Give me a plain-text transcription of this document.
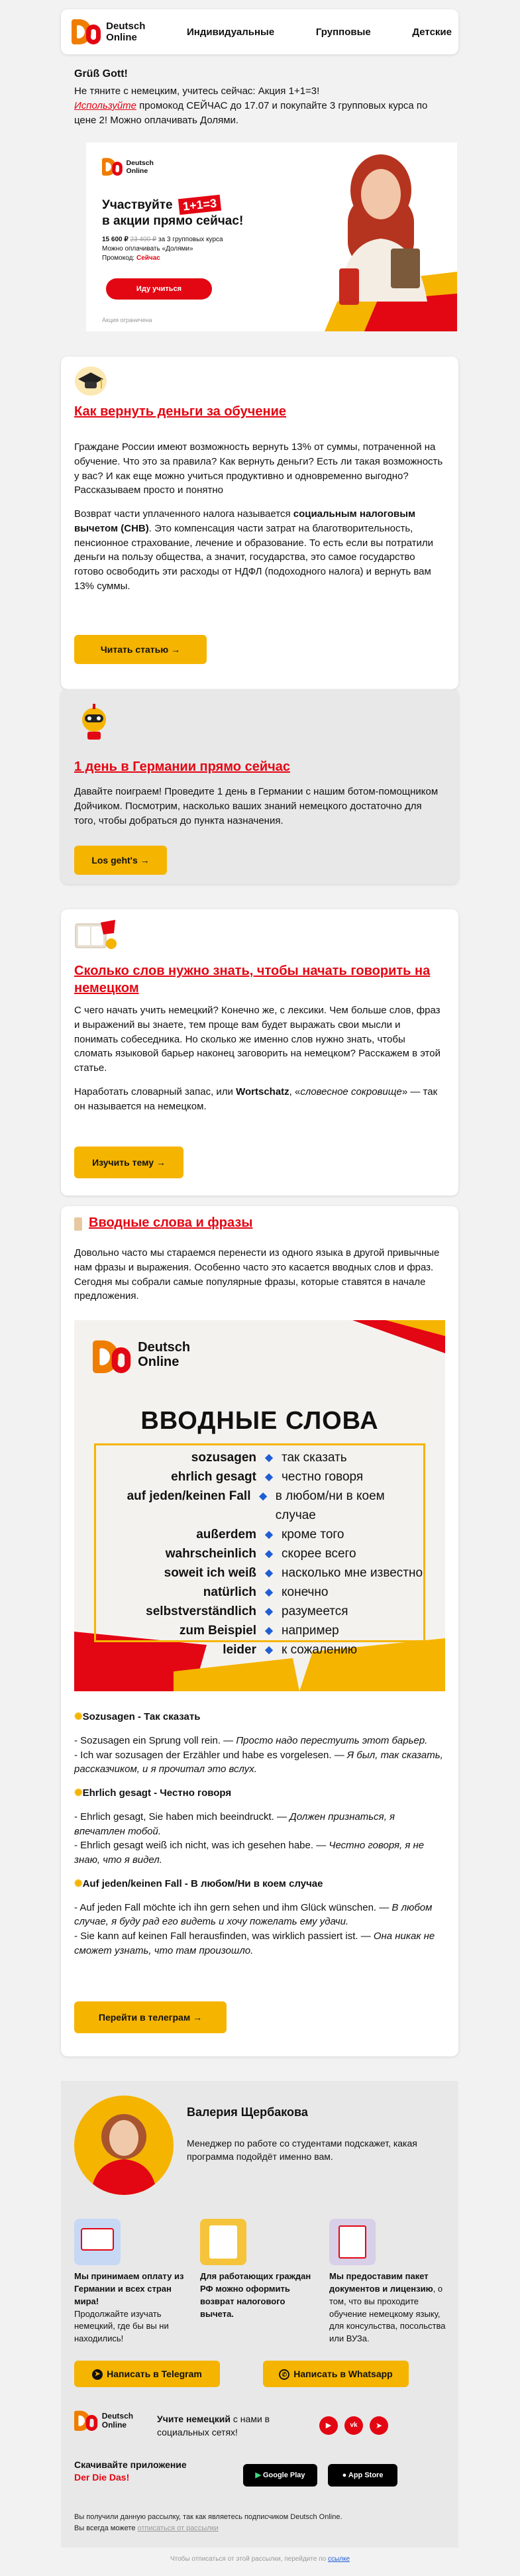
Deutsch
Online	Индивидуальные	Групповые	Детские
Grüß Gott!
Не тяните с немецким, учитесь сейчас: Акция 1+1=3!
Используйте промокод СЕЙЧАС до 17.07 и покупайте 3 групповых курса по цене 2! Можно оплачивать Долями.
Deutsch
Online
Участвуйте 1+1=3
в акции прямо сейчас!
15 600 ₽ 23 400 ₽ за 3 групповых курса
Можно оплачивать «Долями»
Промокод: Сейчас
Иду учиться
Акция ограничена
Как вернуть деньги за обучение

Граждане России имеют возможность вернуть 13% от суммы, потраченной на обучение. Что это за правила? Как вернуть деньги? Есть ли такая возможность у вас? И как еще можно учиться продуктивно и одновременно выгодно? Рассказываем просто и понятно

Возврат части уплаченного налога называется социальным налоговым вычетом (СНВ). Это компенсация части затрат на благотворительность, пенсионное страхование, лечение и образование. То есть если вы потратили деньги на пользу общества, а значит, государства, это самое государство готово освободить эти расходы от НДФЛ (подоходного налога) и вернуть вам 13% суммы.

Читать статью →
1 день в Германии прямо сейчас

Давайте поиграем! Проведите 1 день в Германии с нашим ботом-помощником Дойчиком. Посмотрим, насколько ваших знаний немецкого достаточно для того, чтобы добраться до пункта назначения.

Los geht's →
Сколько слов нужно знать, чтобы начать говорить на немецком

С чего начать учить немецкий? Конечно же, с лексики. Чем больше слов, фраз и выражений вы знаете, тем проще вам будет выражать свои мысли и понимать собеседника. Но сколько же именно слов нужно знать, чтобы сломать языковой барьер наконец заговорить на немецком? Расскажем в этой статье.

Наработать словарный запас, или Wortschatz, «словесное сокровище» — так он называется на немецком.

Изучить тему →
Вводные слова и фразы

Довольно часто мы стараемся перенести из одного языка в другой привычные нам фразы и выражения. Особенно часто это касается вводных слов и фраз. Сегодня мы собрали самые популярные фразы, которые ставятся в начале предложения.

Deutsch
Online
ВВОДНЫЕ СЛОВА
sozusagen ◆ так сказать
ehrlich gesagt ◆ честно говоря
auf jeden/keinen Fall ◆ в любом/ни в коем случае
außerdem ◆ кроме того
wahrscheinlich ◆ скорее всего
soweit ich weiß ◆ насколько мне известно
natürlich ◆ конечно
selbstverständlich ◆ разумеется
zum Beispiel ◆ например
leider ◆ к сожалению

✺Sozusagen - Так сказать

- Sozusagen ein Sprung voll rein. — Просто надо перестуить этот барьер.
- Ich war sozusagen der Erzähler und habe es vorgelesen. — Я был, так сказать, рассказчиком, и я прочитал это вслух.

✺Ehrlich gesagt - Честно говоря

- Ehrlich gesagt, Sie haben mich beeindruckt. — Должен признаться, я впечатлен тобой.
- Ehrlich gesagt weiß ich nicht, was ich gesehen habe. — Честно говоря, я не знаю, что я видел.

✺Auf jeden/keinen Fall - В любом/Ни в коем случае

- Auf jeden Fall möchte ich ihn gern sehen und ihm Glück wünschen. — В любом случае, я буду рад его видеть и хочу пожелать ему удачи.
- Sie kann auf keinen Fall herausfinden, was wirklich passiert ist. — Она никак не сможет узнать, что там произошло.

Перейти в телеграм →
Валерия Щербакова
Менеджер по работе со студентами подскажет, какая программа подойдёт именно вам.
Мы принимаем оплату из Германии и всех стран мира!
Продолжайте изучать немецкий, где бы вы ни находились!
Для работающих граждан РФ можно оформить возврат налогового вычета.
Мы предоставим пакет документов и лицензию, о том, что вы проходите обучение немецкому языку, для консульства, посольства или ВУЗа.
➤ Написать в Telegram	✆ Написать в Whatsapp
Deutsch
Online
Учите немецкий с нами в социальных сетях!
▶	vk	➤
Скачивайте приложение
Der Die Das!	▶ Google Play	● App Store
Вы получили данную рассылку, так как являетесь подписчиком Deutsch Online.
Вы всегда можете отписаться от рассылки
Чтобы отписаться от этой рассылки, перейдите по ссылке
